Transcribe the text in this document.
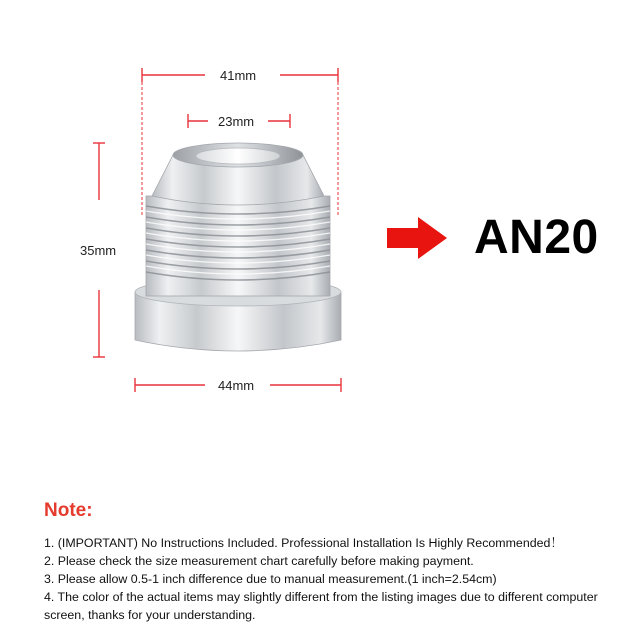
41mm
23mm
35mm
44mm
AN20
Note:

1. (IMPORTANT) No Instructions Included. Professional Installation Is Highly Recommended！

2. Please check the size measurement chart carefully before making payment.

3. Please allow 0.5-1 inch difference due to manual measurement.(1 inch=2.54cm)

4. The color of the actual items may slightly different from the listing images due to different computer screen, thanks for your understanding.
